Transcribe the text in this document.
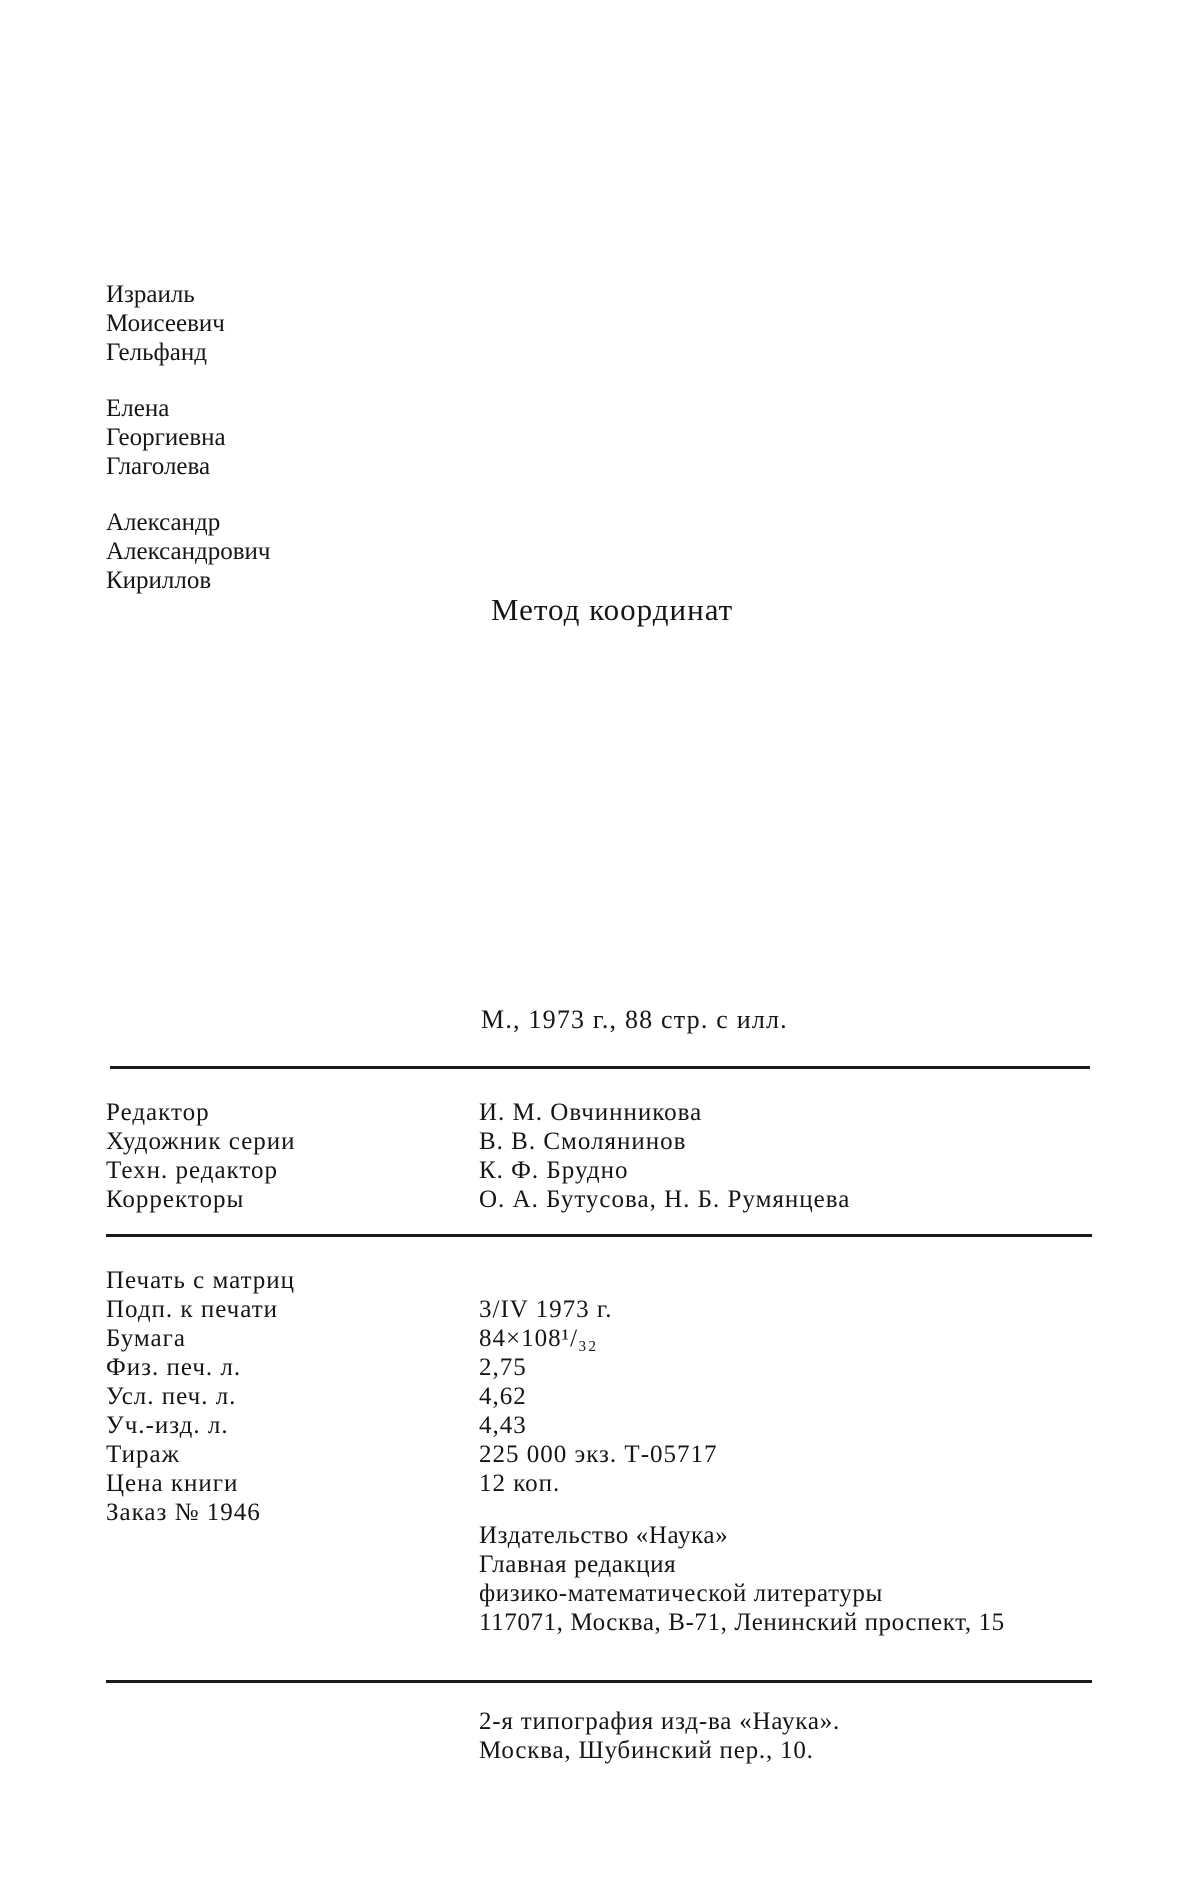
Израиль
Моисеевич
Гельфанд
Елена
Георгиевна
Глаголева
Александр
Александрович
Кириллов
Метод координат
М., 1973 г., 88 стр. с илл.
Редактор	И. М. Овчинникова
Художник серии	В. В. Смолянинов
Техн. редактор	К. Ф. Брудно
Корректоры	О. А. Бутусова, Н. Б. Румянцева
Печать с матриц
Подп. к печати	3/IV 1973 г.
Бумага	84×108¹/₃₂
Физ. печ. л.	2,75
Усл. печ. л.	4,62
Уч.-изд. л.	4,43
Тираж	225 000 экз. Т-05717
Цена книги	12 коп.
Заказ № 1946
Издательство «Наука»
Главная редакция
физико-математической литературы
117071, Москва, В-71, Ленинский проспект, 15
2-я типография изд-ва «Наука».
Москва, Шубинский пер., 10.
